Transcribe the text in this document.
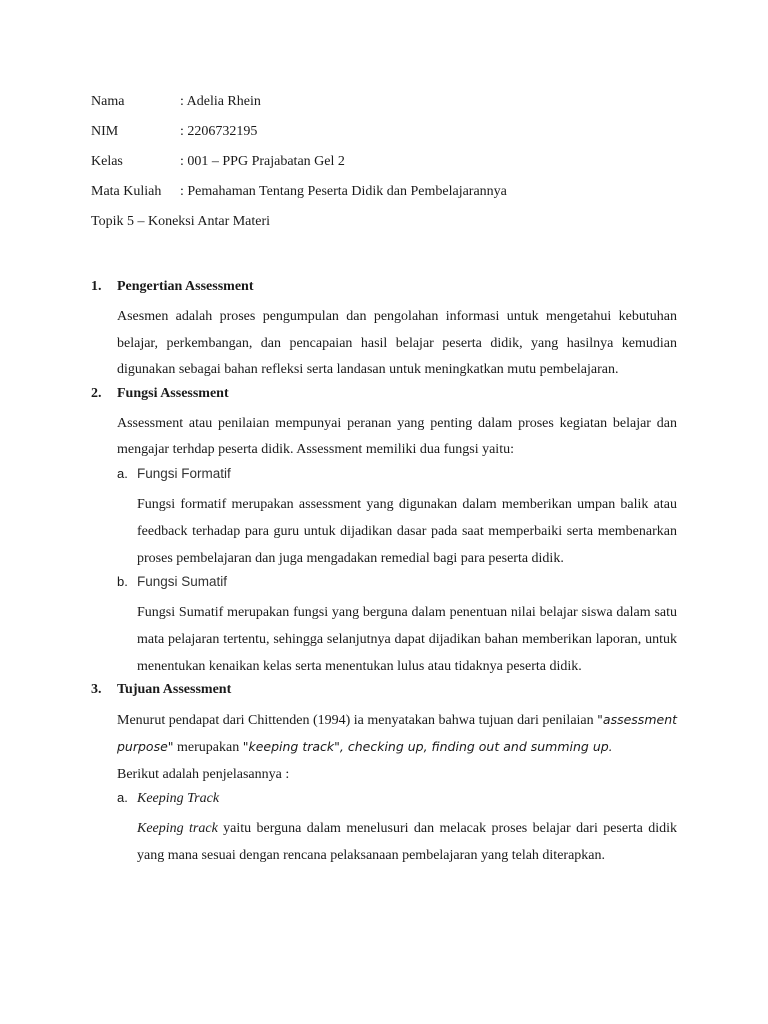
Nama	: Adelia Rhein
NIM	: 2206732195
Kelas	: 001 – PPG Prajabatan Gel 2
Mata Kuliah : Pemahaman Tentang Peserta Didik dan Pembelajarannya
Topik 5 – Koneksi Antar Materi
1. Pengertian Assessment
Asesmen adalah proses pengumpulan dan pengolahan informasi untuk mengetahui kebutuhan belajar, perkembangan, dan pencapaian hasil belajar peserta didik, yang hasilnya kemudian digunakan sebagai bahan refleksi serta landasan untuk meningkatkan mutu pembelajaran.
2. Fungsi Assessment
Assessment atau penilaian mempunyai peranan yang penting dalam proses kegiatan belajar dan mengajar terhdap peserta didik. Assessment memiliki dua fungsi yaitu:
a. Fungsi Formatif
Fungsi formatif merupakan assessment yang digunakan dalam memberikan umpan balik atau feedback terhadap para guru untuk dijadikan dasar pada saat memperbaiki serta membenarkan proses pembelajaran dan juga mengadakan remedial bagi para peserta didik.
b. Fungsi Sumatif
Fungsi Sumatif merupakan fungsi yang berguna dalam penentuan nilai belajar siswa dalam satu mata pelajaran tertentu, sehingga selanjutnya dapat dijadikan bahan memberikan laporan, untuk menentukan kenaikan kelas serta menentukan lulus atau tidaknya peserta didik.
3. Tujuan Assessment
Menurut pendapat dari Chittenden (1994) ia menyatakan bahwa tujuan dari penilaian "assessment purpose" merupakan "keeping track", checking up, finding out and summing up.
Berikut adalah penjelasannya :
a. Keeping Track
Keeping track yaitu berguna dalam menelusuri dan melacak proses belajar dari peserta didik yang mana sesuai dengan rencana pelaksanaan pembelajaran yang telah diterapkan.
